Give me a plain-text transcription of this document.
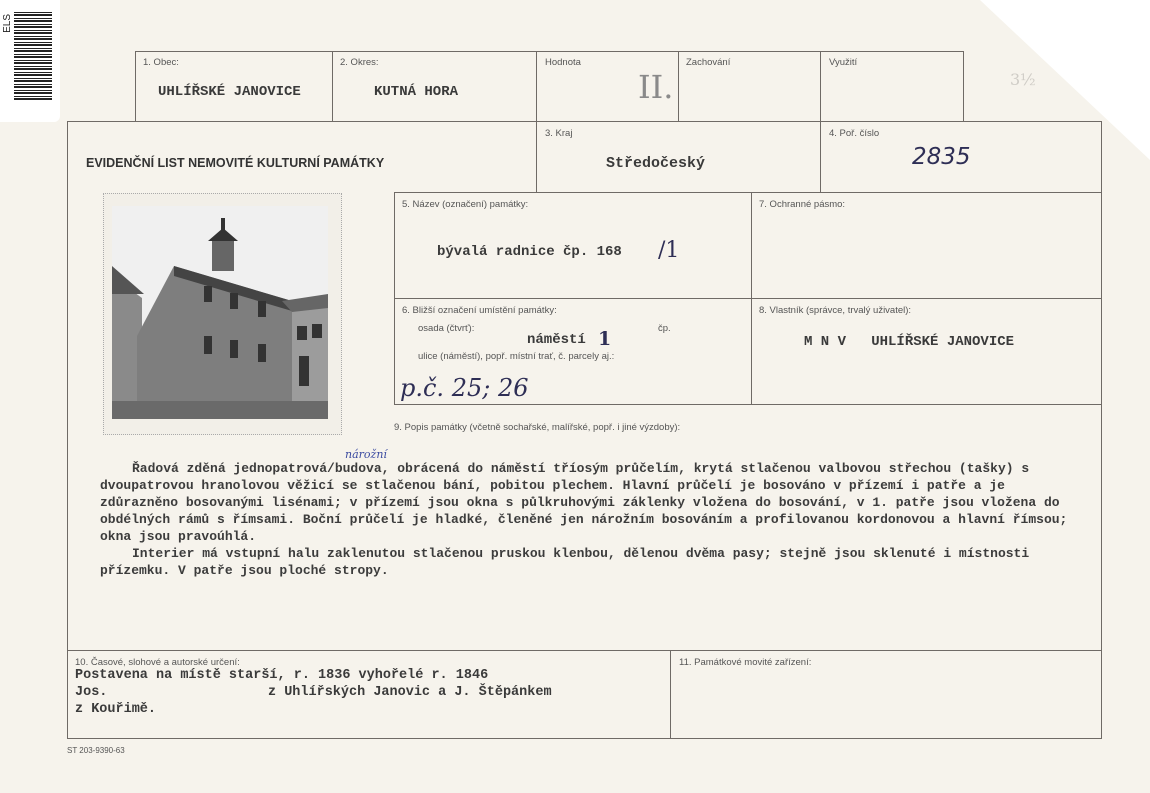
ELS
1. Obec:
UHLÍŘSKÉ JANOVICE
2. Okres:
KUTNÁ HORA
Hodnota
II.
Zachování	Využití
3½
EVIDENČNÍ LIST NEMOVITÉ KULTURNÍ PAMÁTKY
3. Kraj
Středočeský
4. Poř. číslo
2835
5. Název (označení) památky:
bývalá radnice čp. 168 /1
7. Ochranné pásmo:
6. Bližší označení umístění památky:
osada (čtvrť):
náměstí 1	čp.
ulice (náměstí), popř. místní trať, č. parcely aj.:
p.č. 25; 26
8. Vlastník (správce, trvalý uživatel):
M N V   UHLÍŘSKÉ JANOVICE
9. Popis památky (včetně sochařské, malířské, popř. i jiné výzdoby):
nárožní

Řadová zděná jednopatrová/budova, obrácená do náměstí tříosým průčelím, krytá stlačenou valbovou střechou (tašky) s dvoupatrovou hranolovou věžicí se stlačenou bání, pobitou plechem. Hlavní průčelí je bosováno v přízemí i patře a je zdůrazněno bosovanými lisénami; v přízemí jsou okna s půlkruhovými záklenky vložena do bosování, v 1. patře jsou vložena do obdélných rámů s římsami. Boční průčelí je hladké, členěné jen nárožním bosováním a profilovanou kordonovou a hlavní římsou; okna jsou pravoúhlá.

Interier má vstupní halu zaklenutou stlačenou pruskou klenbou, dělenou dvěma pasy; stejně jsou sklenuté i místnosti přízemku. V patře jsou ploché stropy.

10. Časové, slohové a autorské určení:
Postavena na místě starší, r. 1836 vyhořelé r. 1846
Jos.	z Uhlířských Janovic a J. Štěpánkem
z Kouřimě.
11. Památkové movité zařízení:
ST 203-9390-63
